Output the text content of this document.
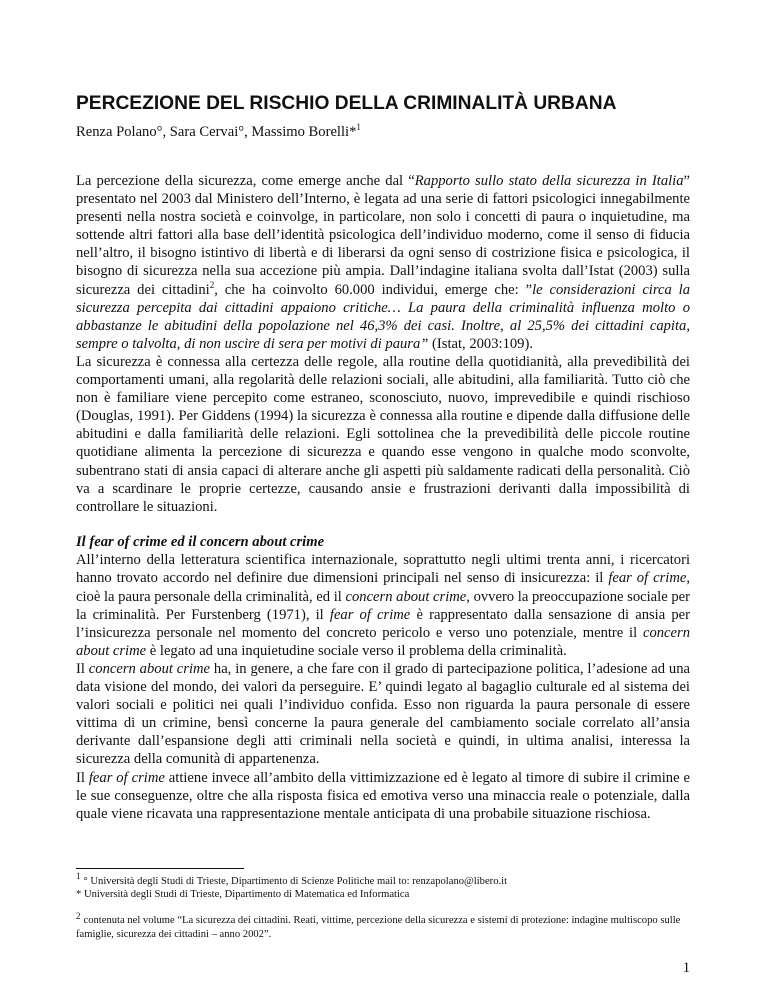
PERCEZIONE DEL RISCHIO DELLA CRIMINALITÀ URBANA

Renza Polano°, Sara Cervai°, Massimo Borelli*$^1$

La percezione della sicurezza, come emerge anche dal “Rapporto sullo stato della sicurezza in Italia” presentato nel 2003 dal Ministero dell’Interno, è legata ad una serie di fattori psicologici innegabilmente presenti nella nostra società e coinvolge, in particolare, non solo i concetti di paura o inquietudine, ma sottende altri fattori alla base dell’identità psicologica dell’individuo moderno, come il senso di fiducia nell’altro, il bisogno istintivo di libertà e di liberarsi da ogni senso di costrizione fisica e psicologica, il bisogno di sicurezza nella sua accezione più ampia. Dall’indagine italiana svolta dall’Istat (2003) sulla sicurezza dei cittadini$^2$, che ha coinvolto 60.000 individui, emerge che: ”le considerazioni circa la sicurezza percepita dai cittadini appaiono critiche… La paura della criminalità influenza molto o abbastanze le abitudini della popolazione nel 46,3% dei casi. Inoltre, al 25,5% dei cittadini capita, sempre o talvolta, di non uscire di sera per motivi di paura” (Istat, 2003:109).

La sicurezza è connessa alla certezza delle regole, alla routine della quotidianità, alla prevedibilità dei comportamenti umani, alla regolarità delle relazioni sociali, alle abitudini, alla familiarità. Tutto ciò che non è familiare viene percepito come estraneo, sconosciuto, nuovo, imprevedibile e quindi rischioso (Douglas, 1991). Per Giddens (1994) la sicurezza è connessa alla routine e dipende dalla diffusione delle abitudini e dalla familiarità delle relazioni. Egli sottolinea che la prevedibilità delle piccole routine quotidiane alimenta la percezione di sicurezza e quando esse vengono in qualche modo sconvolte, subentrano stati di ansia capaci di alterare anche gli aspetti più saldamente radicati della personalità. Ciò va a scardinare le proprie certezze, causando ansie e frustrazioni derivanti dalla impossibilità di controllare le situazioni.

Il fear of crime ed il concern about crime

All’interno della letteratura scientifica internazionale, soprattutto negli ultimi trenta anni, i ricercatori hanno trovato accordo nel definire due dimensioni principali nel senso di insicurezza: il fear of crime, cioè la paura personale della criminalità, ed il concern about crime, ovvero la preoccupazione sociale per la criminalità. Per Furstenberg (1971), il fear of crime è rappresentato dalla sensazione di ansia per l’insicurezza personale nel momento del concreto pericolo e verso uno potenziale, mentre il concern about crime è legato ad una inquietudine sociale verso il problema della criminalità.

Il concern about crime ha, in genere, a che fare con il grado di partecipazione politica, l’adesione ad una data visione del mondo, dei valori da perseguire. E’ quindi legato al bagaglio culturale ed al sistema dei valori sociali e politici nei quali l’individuo confida. Esso non riguarda la paura personale di essere vittima di un crimine, bensì concerne la paura generale del cambiamento sociale correlato all’ansia derivante dall’espansione degli atti criminali nella società e quindi, in ultima analisi, interessa la sicurezza della comunità di appartenenza.

Il fear of crime attiene invece all’ambito della vittimizzazione ed è legato al timore di subire il crimine e le sue conseguenze, oltre che alla risposta fisica ed emotiva verso una minaccia reale o potenziale, dalla quale viene ricavata una rappresentazione mentale anticipata di una probabile situazione rischiosa.

$^1$ ° Università degli Studi di Trieste, Dipartimento di Scienze Politiche mail to: renzapolano@libero.it

* Università degli Studi di Trieste, Dipartimento di Matematica ed Informatica

$^2$ contenuta nel volume “La sicurezza dei cittadini. Reati, vittime, percezione della sicurezza e sistemi di protezione: indagine multiscopo sulle famiglie, sicurezza dei cittadini – anno 2002”.

1
